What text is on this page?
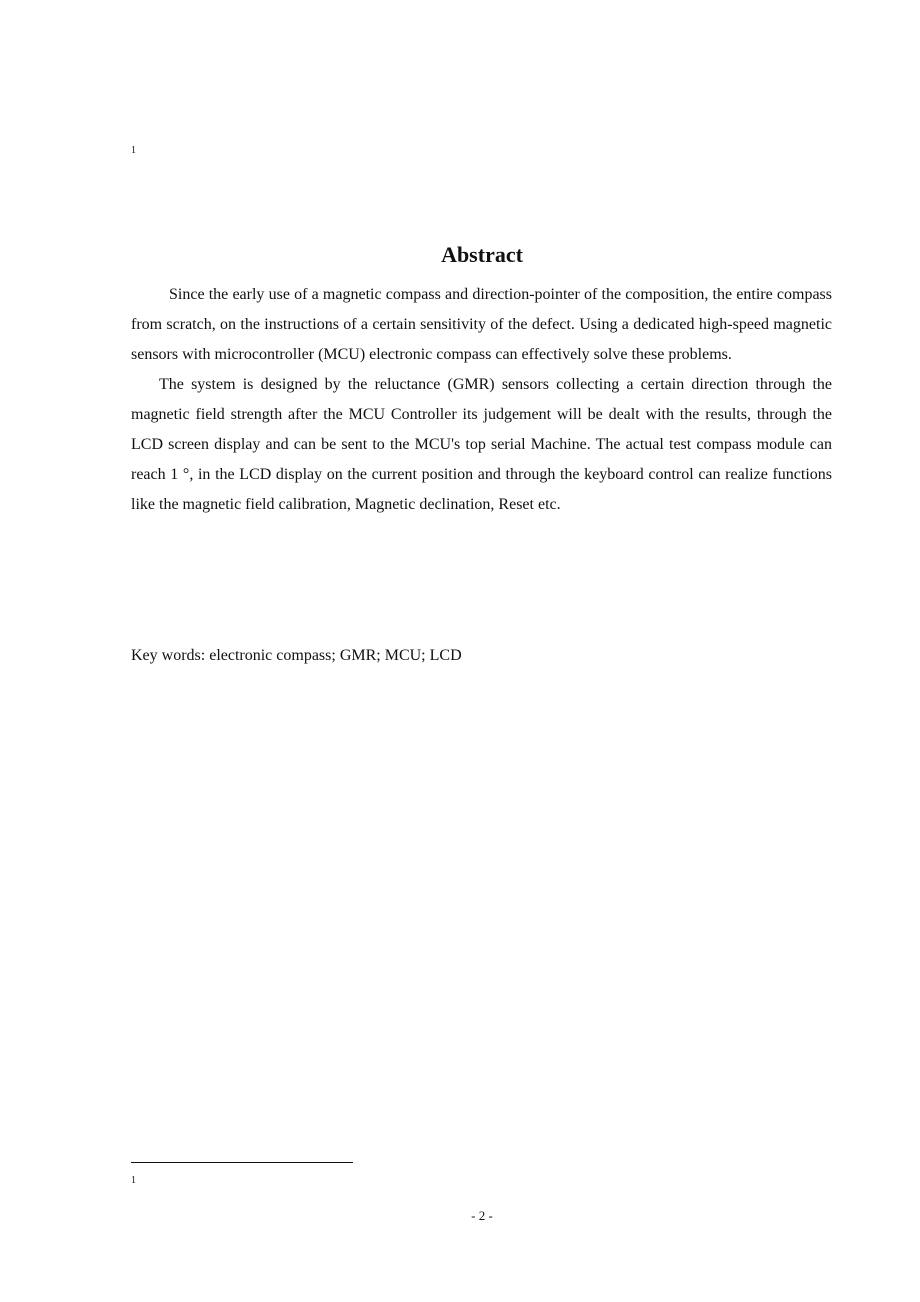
1
Abstract

Since the early use of a magnetic compass and direction-pointer of the composition, the entire compass from scratch, on the instructions of a certain sensitivity of the defect. Using a dedicated high-speed magnetic sensors with microcontroller (MCU) electronic compass can effectively solve these problems.

The system is designed by the reluctance (GMR) sensors collecting a certain direction through the magnetic field strength after the MCU Controller its judgement will be dealt with the results, through the LCD screen display and can be sent to the MCU's top serial Machine. The actual test compass module can reach 1 °, in the LCD display on the current position and through the keyboard control can realize functions like the magnetic field calibration, Magnetic declination, Reset etc.

Key words: electronic compass; GMR; MCU; LCD
1
- 2 -
